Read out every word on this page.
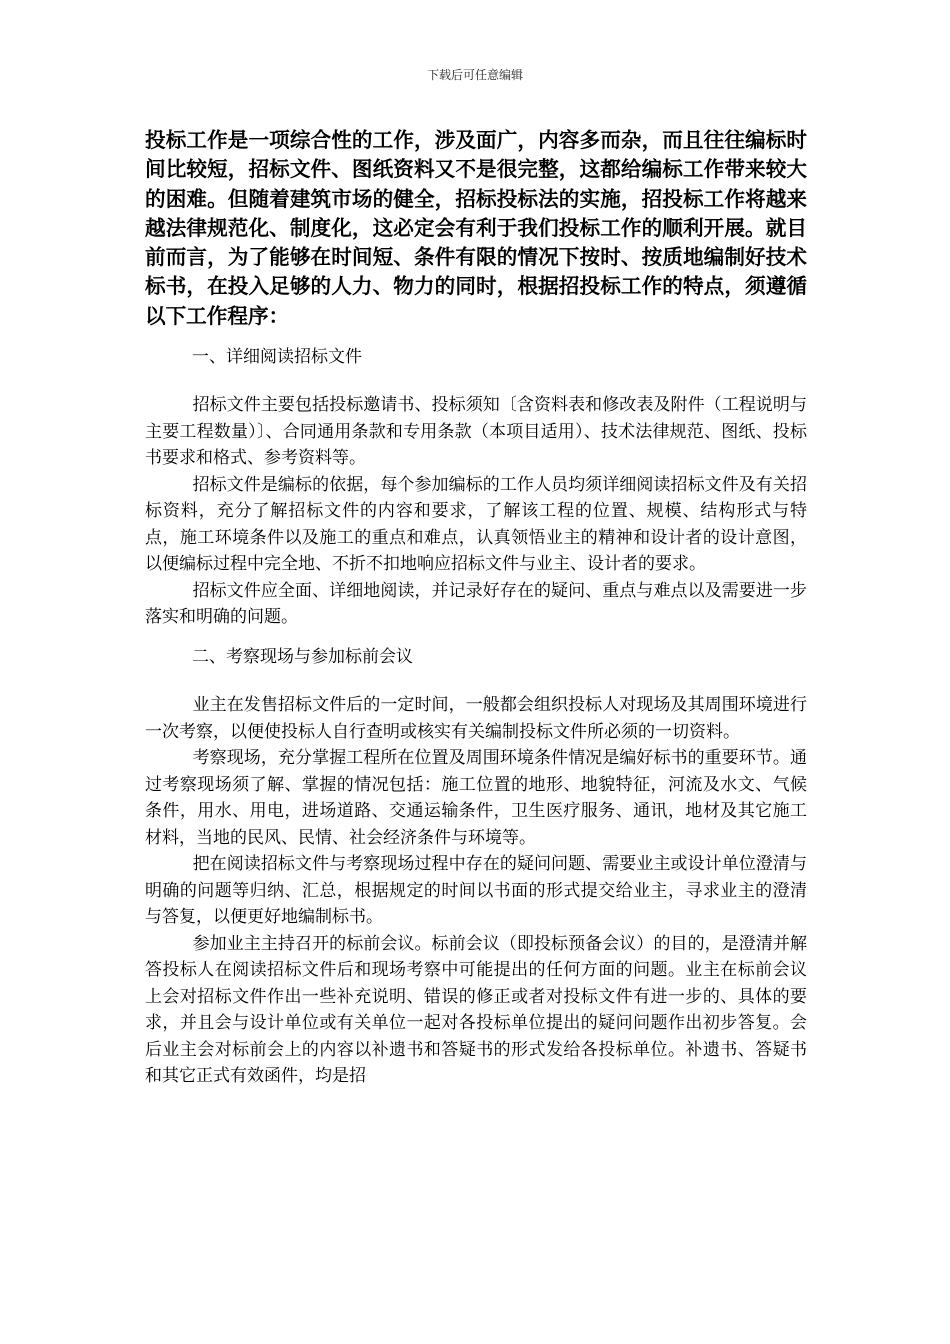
下载后可任意编辑

投标工作是一项综合性的工作，涉及面广，内容多而杂，而且往往编标时间比较短，招标文件、图纸资料又不是很完整，这都给编标工作带来较大的困难。但随着建筑市场的健全，招标投标法的实施，招投标工作将越来越法律规范化、制度化，这必定会有利于我们投标工作的顺利开展。就目前而言，为了能够在时间短、条件有限的情况下按时、按质地编制好技术标书，在投入足够的人力、物力的同时，根据招投标工作的特点，须遵循以下工作程序：

一、详细阅读招标文件

招标文件主要包括投标邀请书、投标须知〔含资料表和修改表及附件（工程说明与主要工程数量）〕、合同通用条款和专用条款（本项目适用）、技术法律规范、图纸、投标书要求和格式、参考资料等。

招标文件是编标的依据，每个参加编标的工作人员均须详细阅读招标文件及有关招标资料，充分了解招标文件的内容和要求，了解该工程的位置、规模、结构形式与特点，施工环境条件以及施工的重点和难点，认真领悟业主的精神和设计者的设计意图，以便编标过程中完全地、不折不扣地响应招标文件与业主、设计者的要求。

招标文件应全面、详细地阅读，并记录好存在的疑问、重点与难点以及需要进一步落实和明确的问题。

二、考察现场与参加标前会议

业主在发售招标文件后的一定时间，一般都会组织投标人对现场及其周围环境进行一次考察，以便使投标人自行查明或核实有关编制投标文件所必须的一切资料。

考察现场，充分掌握工程所在位置及周围环境条件情况是编好标书的重要环节。通过考察现场须了解、掌握的情况包括：施工位置的地形、地貌特征，河流及水文、气候条件，用水、用电，进场道路、交通运输条件，卫生医疗服务、通讯，地材及其它施工材料，当地的民风、民情、社会经济条件与环境等。

把在阅读招标文件与考察现场过程中存在的疑问问题、需要业主或设计单位澄清与明确的问题等归纳、汇总，根据规定的时间以书面的形式提交给业主，寻求业主的澄清与答复，以便更好地编制标书。

参加业主主持召开的标前会议。标前会议（即投标预备会议）的目的，是澄清并解答投标人在阅读招标文件后和现场考察中可能提出的任何方面的问题。业主在标前会议上会对招标文件作出一些补充说明、错误的修正或者对投标文件有进一步的、具体的要求，并且会与设计单位或有关单位一起对各投标单位提出的疑问问题作出初步答复。会后业主会对标前会上的内容以补遗书和答疑书的形式发给各投标单位。补遗书、答疑书和其它正式有效函件，均是招
